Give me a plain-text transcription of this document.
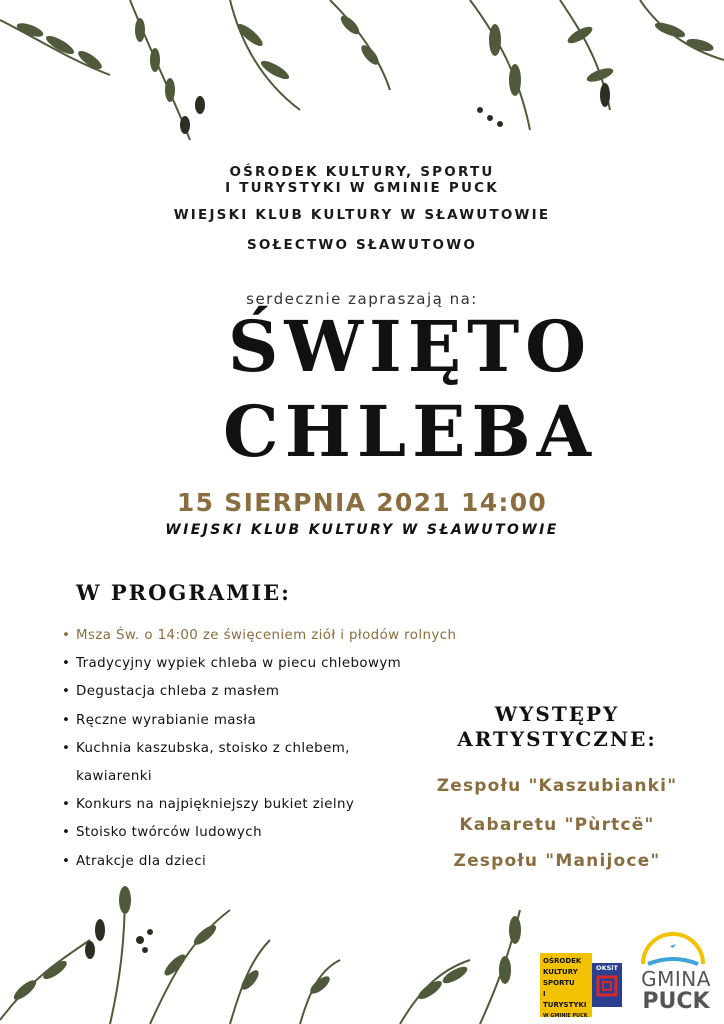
OŚRODEK KULTURY, SPORTU
I TURYSTYKI W GMINIE PUCK
WIEJSKI KLUB KULTURY W SŁAWUTOWIE
SOŁECTWO SŁAWUTOWO
serdecznie zapraszają na:
ŚWIĘTO
CHLEBA
15 SIERPNIA 2021 14:00
WIEJSKI KLUB KULTURY W SŁAWUTOWIE
W PROGRAMIE:
• Msza Św. o 14:00 ze święceniem ziół i płodów rolnych
• Tradycyjny wypiek chleba w piecu chlebowym
• Degustacja chleba z masłem
• Ręczne wyrabianie masła
• Kuchnia kaszubska, stoisko z chlebem,
kawiarenki
• Konkurs na najpiękniejszy bukiet zielny
• Stoisko twórców ludowych
• Atrakcje dla dzieci
WYSTĘPY
ARTYSTYCZNE:
Zespołu "Kaszubianki"
Kabaretu "Pùrtcë"
Zespołu "Manijoce"
OŚRODEK
KULTURY
SPORTU
I TURYSTYKI
W GMINIE PUCK
OKSiT	GMINA
PUCK
